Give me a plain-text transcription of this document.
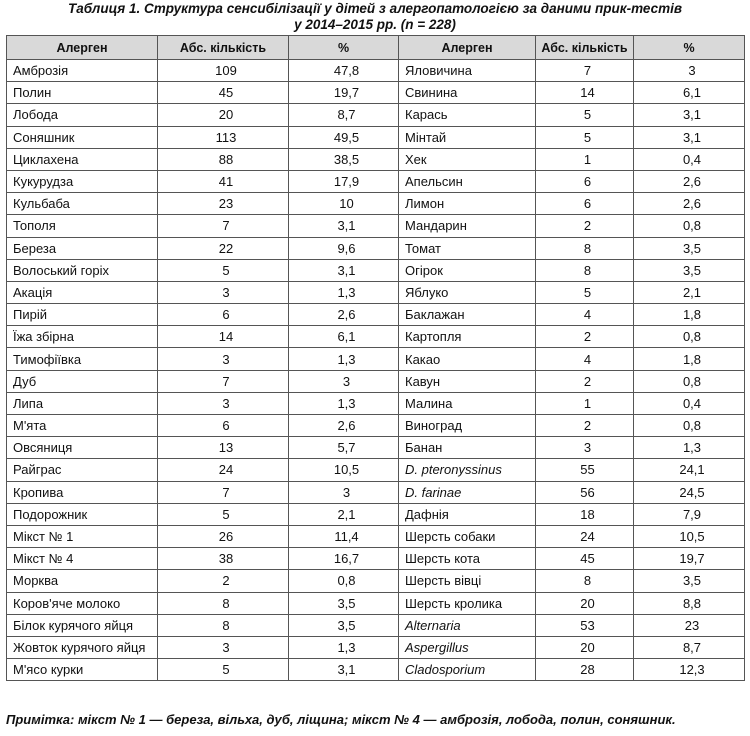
Таблиця 1. Структура сенсибілізації у дітей з алергопатологією за даними прик-тестів
у 2014–2015 рр. (n = 228)
Алерген	Абс. кількість	%	Алерген	Абс. кількість	%
Амброзія	109	47,8	Яловичина	7	3
Полин	45	19,7	Свинина	14	6,1
Лобода	20	8,7	Карась	5	3,1
Соняшник	113	49,5	Мінтай	5	3,1
Циклахена	88	38,5	Хек	1	0,4
Кукурудза	41	17,9	Апельсин	6	2,6
Кульбаба	23	10	Лимон	6	2,6
Тополя	7	3,1	Мандарин	2	0,8
Береза	22	9,6	Томат	8	3,5
Волоський горіх	5	3,1	Огірок	8	3,5
Акація	3	1,3	Яблуко	5	2,1
Пирій	6	2,6	Баклажан	4	1,8
Їжа збірна	14	6,1	Картопля	2	0,8
Тимофіївка	3	1,3	Какао	4	1,8
Дуб	7	3	Кавун	2	0,8
Липа	3	1,3	Малина	1	0,4
М'ята	6	2,6	Виноград	2	0,8
Овсяниця	13	5,7	Банан	3	1,3
Райграс	24	10,5	D. pteronyssinus	55	24,1
Кропива	7	3	D. farinae	56	24,5
Подорожник	5	2,1	Дафнія	18	7,9
Мікст № 1	26	11,4	Шерсть собаки	24	10,5
Мікст № 4	38	16,7	Шерсть кота	45	19,7
Морква	2	0,8	Шерсть вівці	8	3,5
Коров'яче молоко	8	3,5	Шерсть кролика	20	8,8
Білок курячого яйця	8	3,5	Alternaria	53	23
Жовток курячого яйця	3	1,3	Aspergillus	20	8,7
М'ясо курки	5	3,1	Cladosporium	28	12,3
Примітка: мікст № 1 — береза, вільха, дуб, ліщина; мікст № 4 — амброзія, лобода, полин, соняшник.
